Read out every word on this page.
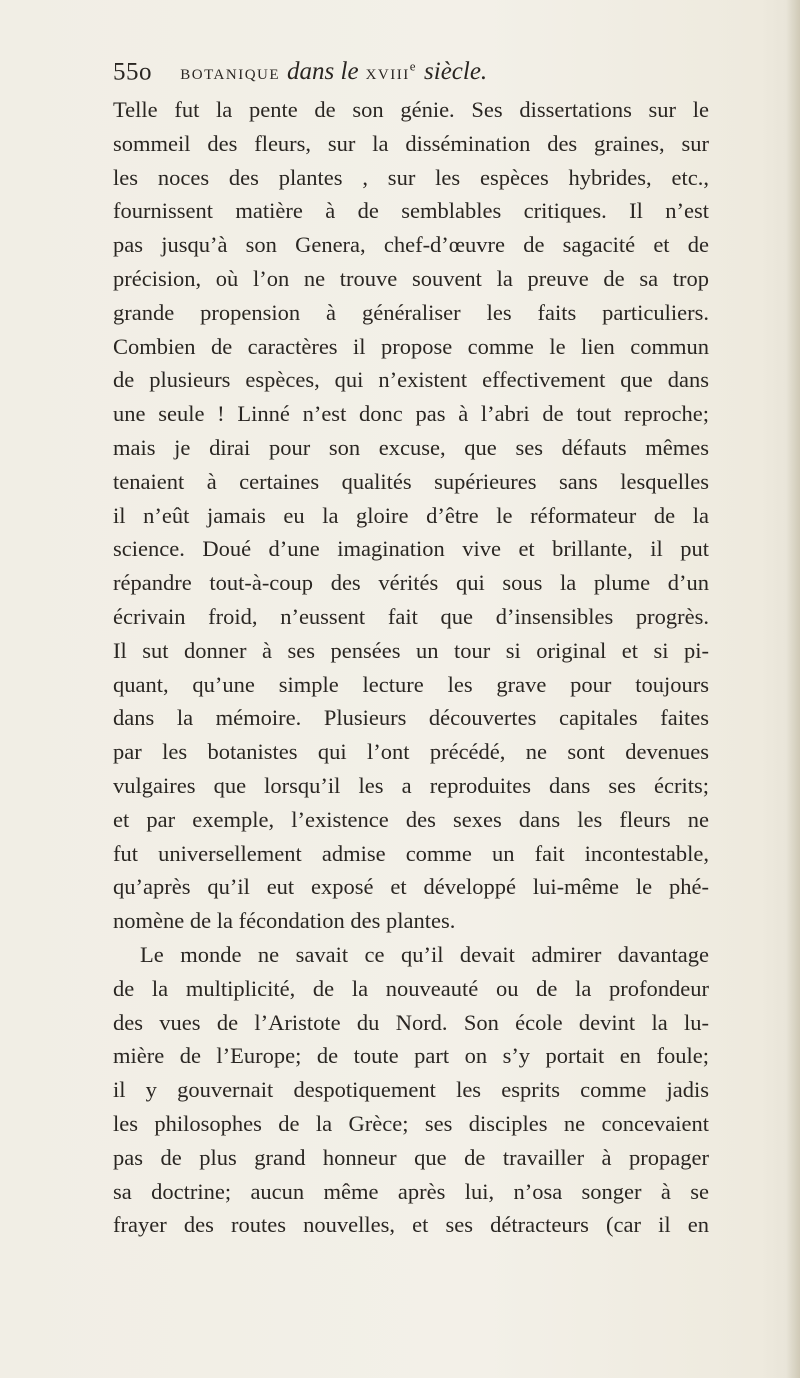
55o botanique dans le xviii$^e$ siècle.
Telle fut la pente de son génie. Ses dissertations sur le
sommeil des fleurs, sur la dissémination des graines, sur
les noces des plantes , sur les espèces hybrides, etc.,
fournissent matière à de semblables critiques. Il n’est
pas jusqu’à son Genera, chef-d’œuvre de sagacité et de
précision, où l’on ne trouve souvent la preuve de sa trop
grande propension à généraliser les faits particuliers.
Combien de caractères il propose comme le lien commun
de plusieurs espèces, qui n’existent effectivement que dans
une seule ! Linné n’est donc pas à l’abri de tout reproche;
mais je dirai pour son excuse, que ses défauts mêmes
tenaient à certaines qualités supérieures sans lesquelles
il n’eût jamais eu la gloire d’être le réformateur de la
science. Doué d’une imagination vive et brillante, il put
répandre tout-à-coup des vérités qui sous la plume d’un
écrivain froid, n’eussent fait que d’insensibles progrès.
Il sut donner à ses pensées un tour si original et si pi-
quant, qu’une simple lecture les grave pour toujours
dans la mémoire. Plusieurs découvertes capitales faites
par les botanistes qui l’ont précédé, ne sont devenues
vulgaires que lorsqu’il les a reproduites dans ses écrits;
et par exemple, l’existence des sexes dans les fleurs ne
fut universellement admise comme un fait incontestable,
qu’après qu’il eut exposé et développé lui-même le phé-
nomène de la fécondation des plantes.
Le monde ne savait ce qu’il devait admirer davantage
de la multiplicité, de la nouveauté ou de la profondeur
des vues de l’Aristote du Nord. Son école devint la lu-
mière de l’Europe; de toute part on s’y portait en foule;
il y gouvernait despotiquement les esprits comme jadis
les philosophes de la Grèce; ses disciples ne concevaient
pas de plus grand honneur que de travailler à propager
sa doctrine; aucun même après lui, n’osa songer à se
frayer des routes nouvelles, et ses détracteurs (car il en
